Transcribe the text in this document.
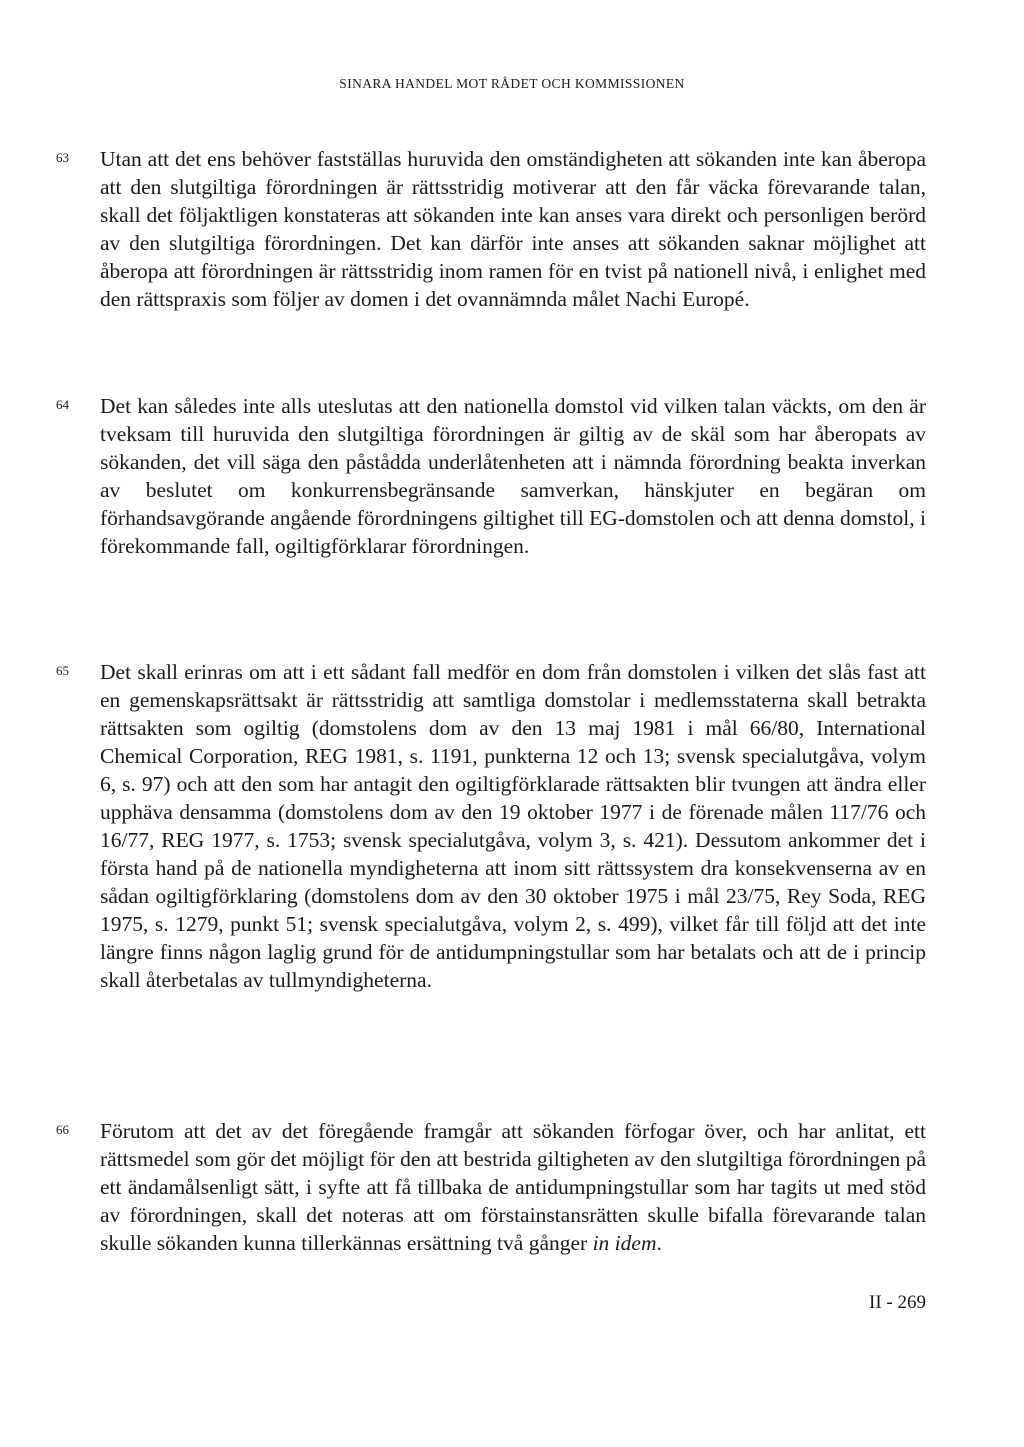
SINARA HANDEL MOT RÅDET OCH KOMMISSIONEN
63 Utan att det ens behöver fastställas huruvida den omständigheten att sökanden inte kan åberopa att den slutgiltiga förordningen är rättsstridig motiverar att den får väcka förevarande talan, skall det följaktligen konstateras att sökanden inte kan anses vara direkt och personligen berörd av den slutgiltiga förordningen. Det kan därför inte anses att sökanden saknar möjlighet att åberopa att förordningen är rättsstridig inom ramen för en tvist på nationell nivå, i enlighet med den rättspraxis som följer av domen i det ovannämnda målet Nachi Europé.

64 Det kan således inte alls uteslutas att den nationella domstol vid vilken talan väckts, om den är tveksam till huruvida den slutgiltiga förordningen är giltig av de skäl som har åberopats av sökanden, det vill säga den påstådda underlåtenheten att i nämnda förordning beakta inverkan av beslutet om konkurrensbegränsande samverkan, hänskjuter en begäran om förhandsavgörande angående förordningens giltighet till EG-domstolen och att denna domstol, i förekommande fall, ogiltigförklarar förordningen.

65 Det skall erinras om att i ett sådant fall medför en dom från domstolen i vilken det slås fast att en gemenskapsrättsakt är rättsstridig att samtliga domstolar i medlemsstaterna skall betrakta rättsakten som ogiltig (domstolens dom av den 13 maj 1981 i mål 66/80, International Chemical Corporation, REG 1981, s. 1191, punkterna 12 och 13; svensk specialutgåva, volym 6, s. 97) och att den som har antagit den ogiltigförklarade rättsakten blir tvungen att ändra eller upphäva densamma (domstolens dom av den 19 oktober 1977 i de förenade målen 117/76 och 16/77, REG 1977, s. 1753; svensk specialutgåva, volym 3, s. 421). Dessutom ankommer det i första hand på de nationella myndigheterna att inom sitt rättssystem dra konsekvenserna av en sådan ogiltigförklaring (domstolens dom av den 30 oktober 1975 i mål 23/75, Rey Soda, REG 1975, s. 1279, punkt 51; svensk specialutgåva, volym 2, s. 499), vilket får till följd att det inte längre finns någon laglig grund för de antidumpningstullar som har betalats och att de i princip skall återbetalas av tullmyndigheterna.

66 Förutom att det av det föregående framgår att sökanden förfogar över, och har anlitat, ett rättsmedel som gör det möjligt för den att bestrida giltigheten av den slutgiltiga förordningen på ett ändamålsenligt sätt, i syfte att få tillbaka de antidumpningstullar som har tagits ut med stöd av förordningen, skall det noteras att om förstainstansrätten skulle bifalla förevarande talan skulle sökanden kunna tillerkännas ersättning två gånger in idem.

II - 269
